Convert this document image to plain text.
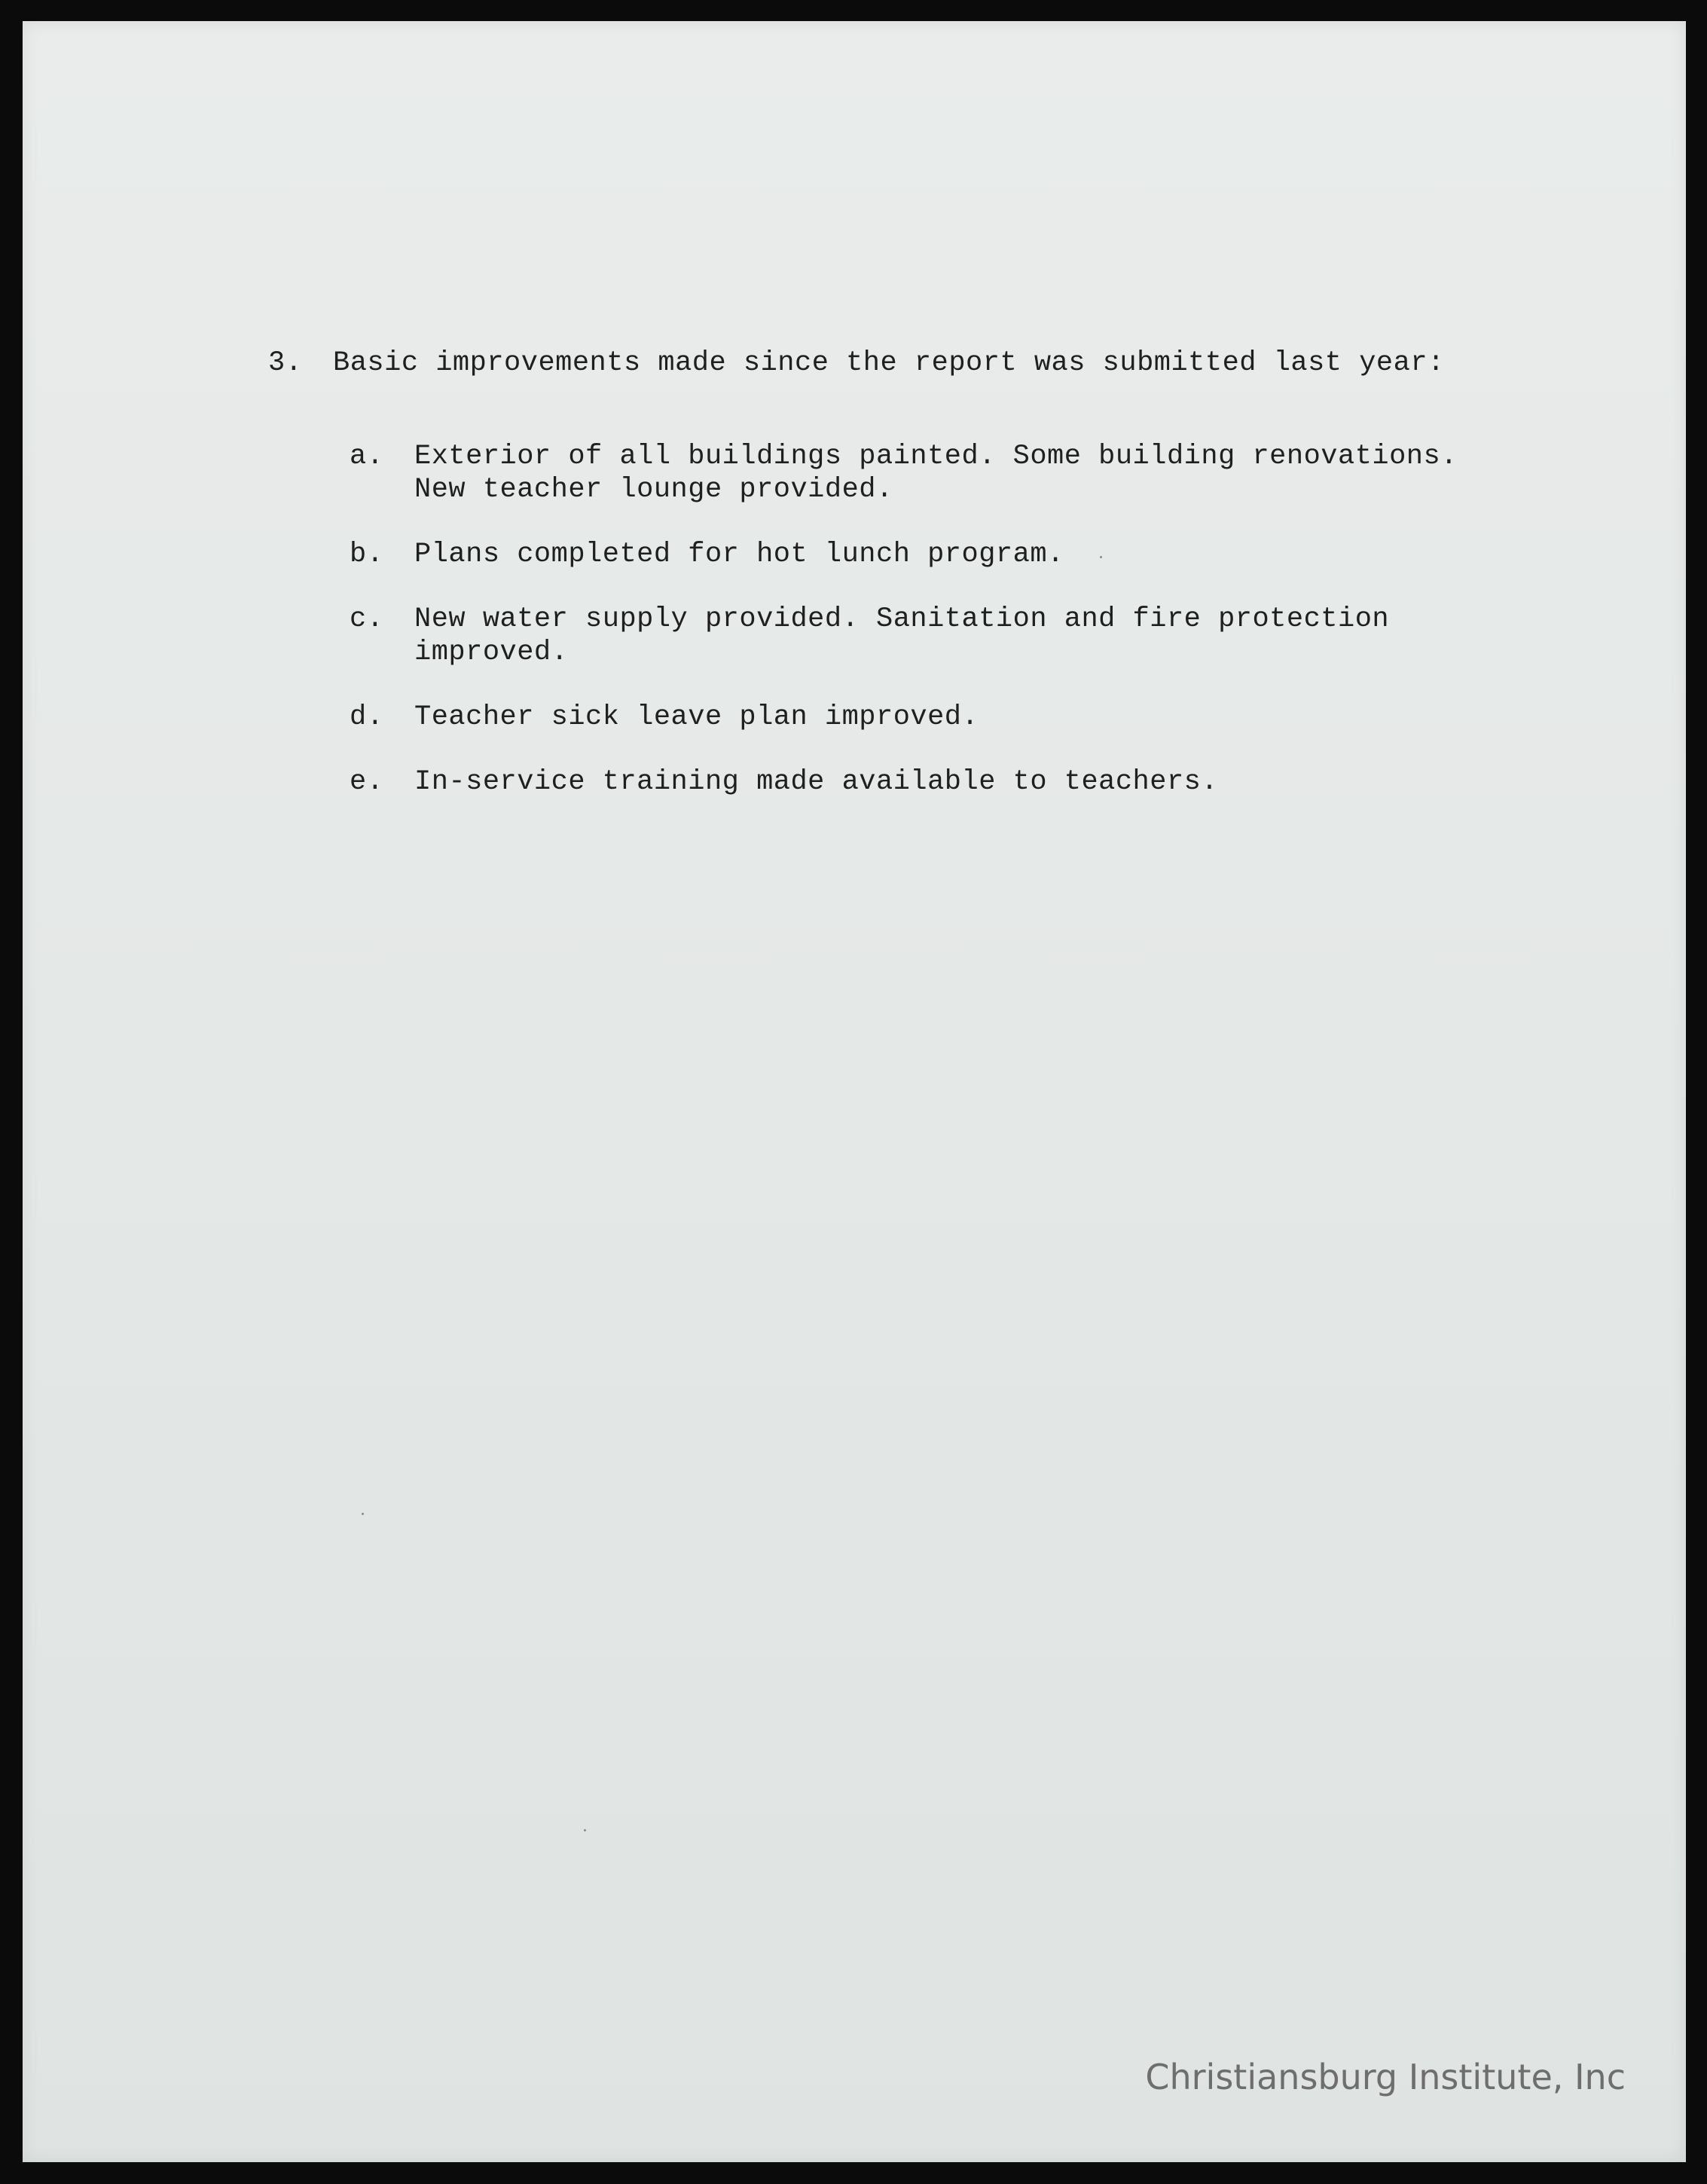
3. Basic improvements made since the report was submitted last year:
a. Exterior of all buildings painted. Some building renovations.
New teacher lounge provided.
b. Plans completed for hot lunch program.
c. New water supply provided. Sanitation and fire protection
improved.
d. Teacher sick leave plan improved.
e. In-service training made available to teachers.
Christiansburg Institute, Inc
